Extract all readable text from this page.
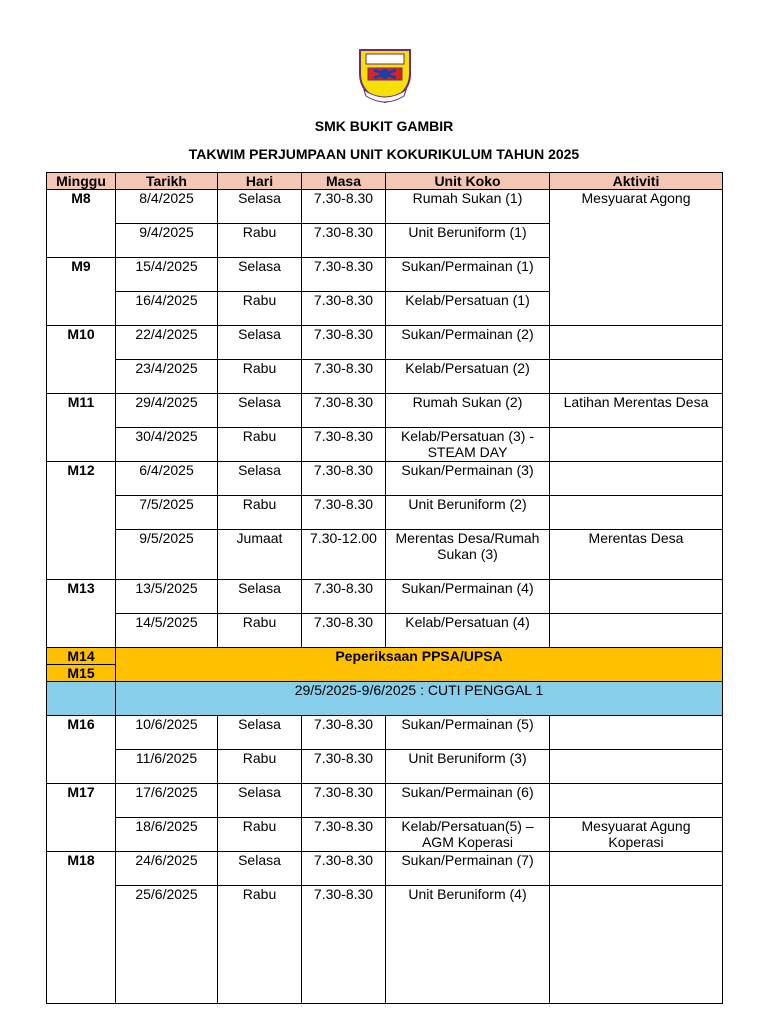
SMK BUKIT GAMBIR
TAKWIM PERJUMPAAN UNIT KOKURIKULUM TAHUN 2025
Minggu	Tarikh	Hari	Masa	Unit Koko	Aktiviti
M8	8/4/2025	Selasa	7.30-8.30	Rumah Sukan (1)	Mesyuarat Agong
	9/4/2025	Rabu	7.30-8.30	Unit Beruniform (1)	
M9	15/4/2025	Selasa	7.30-8.30	Sukan/Permainan (1)	
	16/4/2025	Rabu	7.30-8.30	Kelab/Persatuan (1)	
M10	22/4/2025	Selasa	7.30-8.30	Sukan/Permainan (2)	
	23/4/2025	Rabu	7.30-8.30	Kelab/Persatuan (2)	
M11	29/4/2025	Selasa	7.30-8.30	Rumah Sukan (2)	Latihan Merentas Desa
	30/4/2025	Rabu	7.30-8.30	Kelab/Persatuan (3) - STEAM DAY	
M12	6/4/2025	Selasa	7.30-8.30	Sukan/Permainan (3)	
	7/5/2025	Rabu	7.30-8.30	Unit Beruniform (2)	
	9/5/2025	Jumaat	7.30-12.00	Merentas Desa/Rumah Sukan (3)	Merentas Desa
M13	13/5/2025	Selasa	7.30-8.30	Sukan/Permainan (4)	
	14/5/2025	Rabu	7.30-8.30	Kelab/Persatuan (4)	
M14	Peperiksaan PPSA/UPSA				
M15					
	29/5/2025-9/6/2025 : CUTI PENGGAL 1				
M16	10/6/2025	Selasa	7.30-8.30	Sukan/Permainan (5)	
	11/6/2025	Rabu	7.30-8.30	Unit Beruniform (3)	
M17	17/6/2025	Selasa	7.30-8.30	Sukan/Permainan (6)	
	18/6/2025	Rabu	7.30-8.30	Kelab/Persatuan(5) – AGM Koperasi	Mesyuarat Agung Koperasi
M18	24/6/2025	Selasa	7.30-8.30	Sukan/Permainan (7)	
	25/6/2025	Rabu	7.30-8.30	Unit Beruniform (4)	
